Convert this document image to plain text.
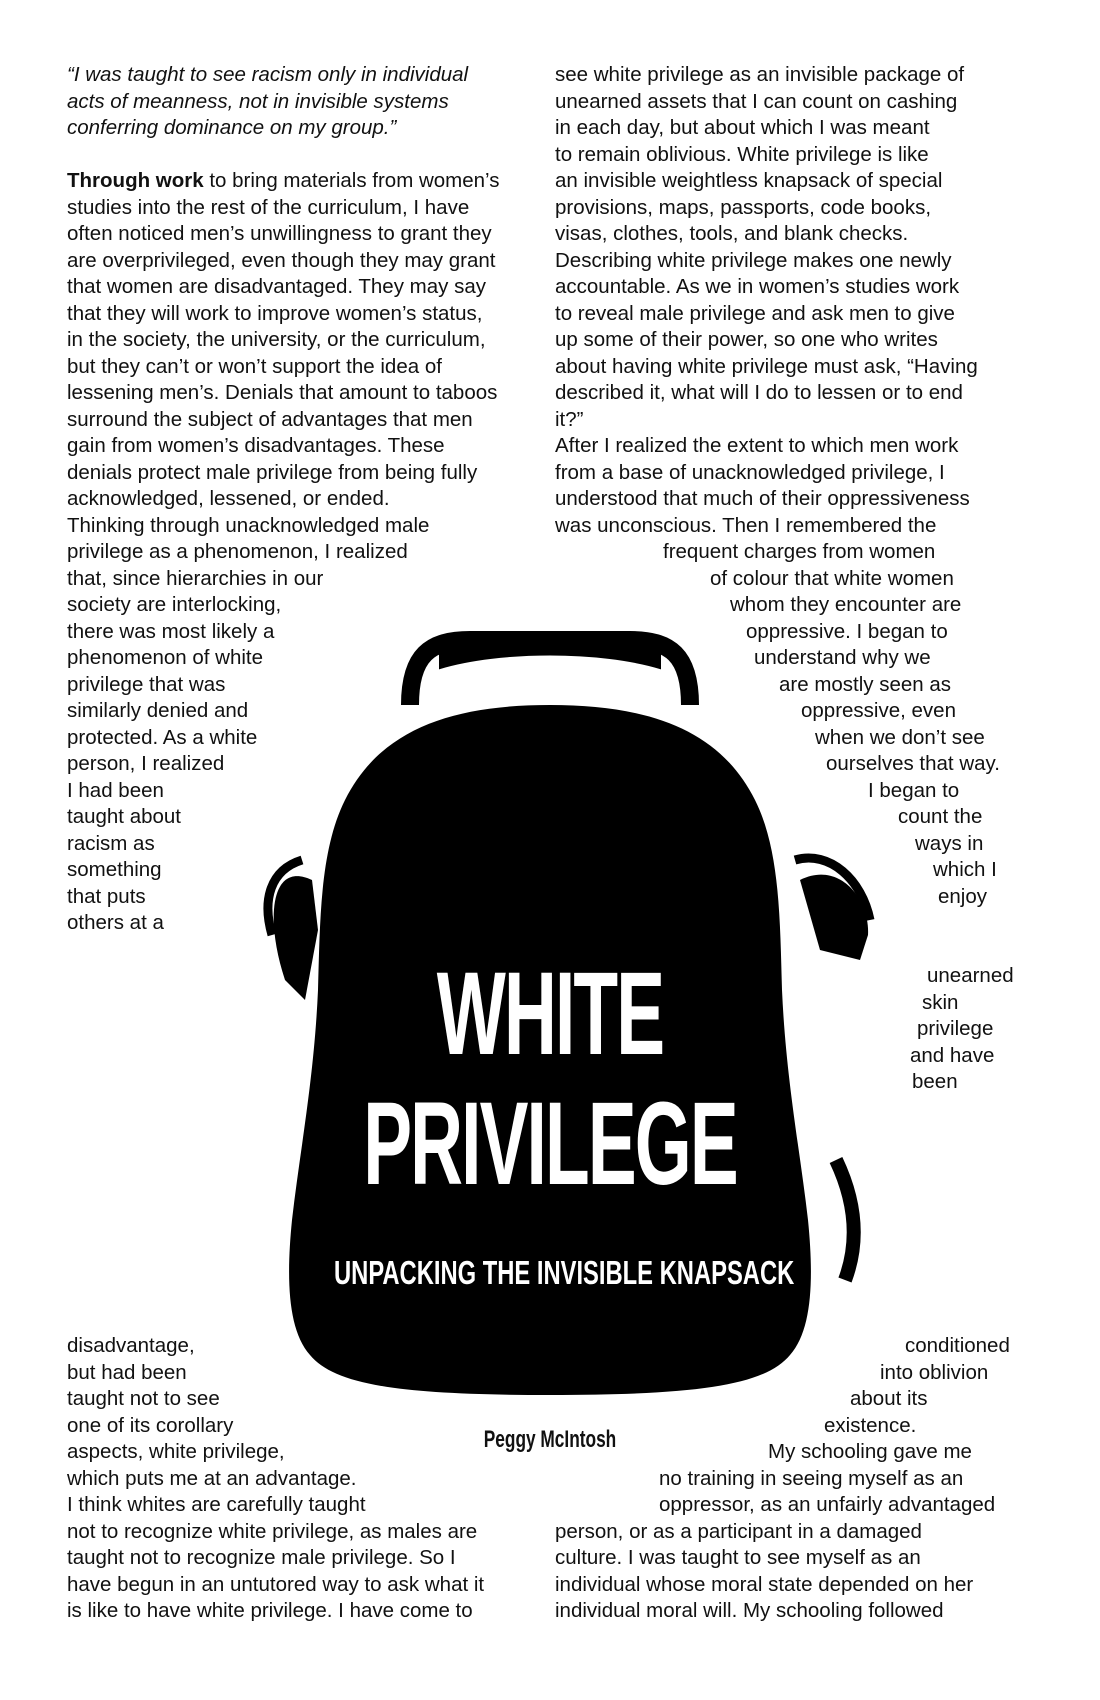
WHITE
PRIVILEGE
UNPACKING THE INVISIBLE KNAPSACK
Peggy McIntosh
“I was taught to see racism only in individual
acts of meanness, not in invisible systems
conferring dominance on my group.”
Through work to bring materials from women’s
studies into the rest of the curriculum, I have
often noticed men’s unwillingness to grant they
are overprivileged, even though they may grant
that women are disadvantaged. They may say
that they will work to improve women’s status,
in the society, the university, or the curriculum,
but they can’t or won’t support the idea of
lessening men’s. Denials that amount to taboos
surround the subject of advantages that men
gain from women’s disadvantages. These
denials protect male privilege from being fully
acknowledged, lessened, or ended.
Thinking through unacknowledged male
privilege as a phenomenon, I realized
that, since hierarchies in our
society are interlocking,
there was most likely a
phenomenon of white
privilege that was
similarly denied and
protected. As a white
person, I realized
I had been
taught about
racism as
something
that puts
others at a
disadvantage,
but had been
taught not to see
one of its corollary
aspects, white privilege,
which puts me at an advantage.
I think whites are carefully taught
not to recognize white privilege, as males are
taught not to recognize male privilege. So I
have begun in an untutored way to ask what it
is like to have white privilege. I have come to
see white privilege as an invisible package of
unearned assets that I can count on cashing
in each day, but about which I was meant
to remain oblivious. White privilege is like
an invisible weightless knapsack of special
provisions, maps, passports, code books,
visas, clothes, tools, and blank checks.
Describing white privilege makes one newly
accountable. As we in women’s studies work
to reveal male privilege and ask men to give
up some of their power, so one who writes
about having white privilege must ask, “Having
described it, what will I do to lessen or to end
it?”
After I realized the extent to which men work
from a base of unacknowledged privilege, I
understood that much of their oppressiveness
was unconscious. Then I remembered the
frequent charges from women
of colour that white women
whom they encounter are
oppressive. I began to
understand why we
are mostly seen as
oppressive, even
when we don’t see
ourselves that way.
I began to
count the
ways in
which I
enjoy
unearned
skin
privilege
and have
been
conditioned
into oblivion
about its
existence.
My schooling gave me
no training in seeing myself as an
oppressor, as an unfairly advantaged
person, or as a participant in a damaged
culture. I was taught to see myself as an
individual whose moral state depended on her
individual moral will. My schooling followed
